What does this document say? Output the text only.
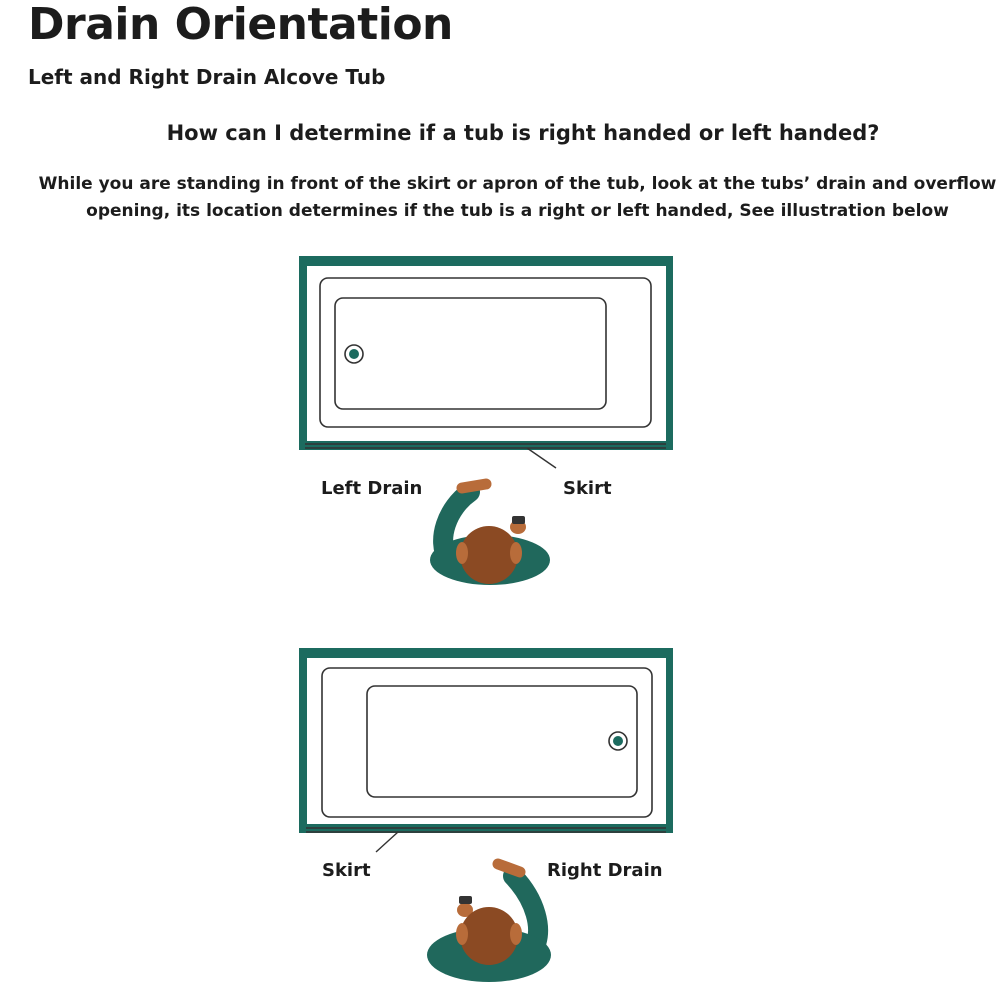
Drain Orientation
Left and Right Drain Alcove Tub
How can I determine if a tub is right handed or left handed?

While you are standing in front of the skirt or apron of the tub, look at the tubs’ drain and overflow opening, its location determines if the tub is a right or left handed, See illustration below

Left Drain	Skirt
Skirt	Right Drain
